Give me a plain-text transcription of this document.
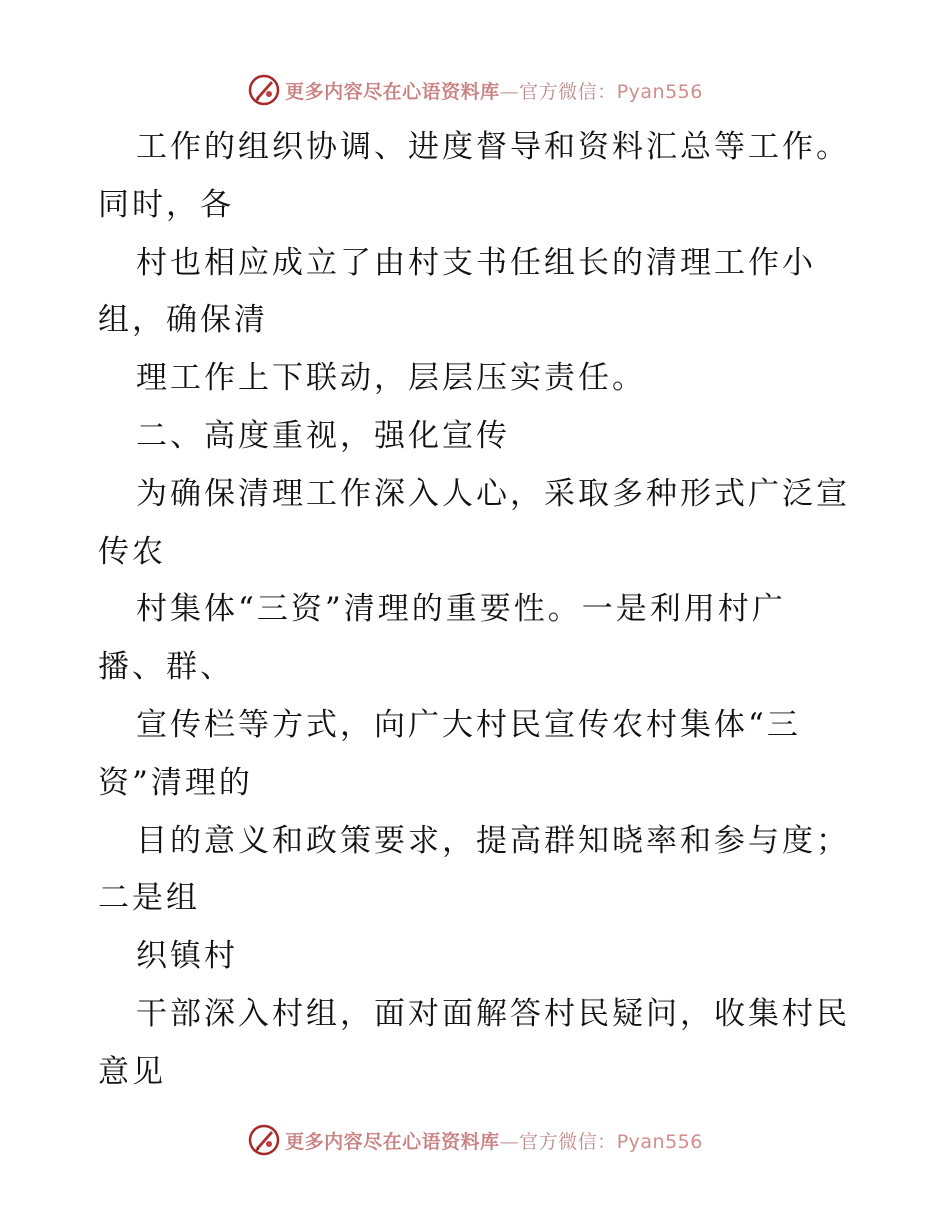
更多内容尽在心语资料库—官方微信：Pyan556
工作的组织协调、进度督导和资料汇总等工作。
同时，各
村也相应成立了由村支书任组长的清理工作小
组，确保清
理工作上下联动，层层压实责任。
二、高度重视，强化宣传
为确保清理工作深入人心，采取多种形式广泛宣
传农
村集体“三资”清理的重要性。一是利用村广
播、群、
宣传栏等方式，向广大村民宣传农村集体“三
资”清理的
目的意义和政策要求，提高群知晓率和参与度；
二是组
织镇村
干部深入村组，面对面解答村民疑问，收集村民
意见
更多内容尽在心语资料库—官方微信：Pyan556
